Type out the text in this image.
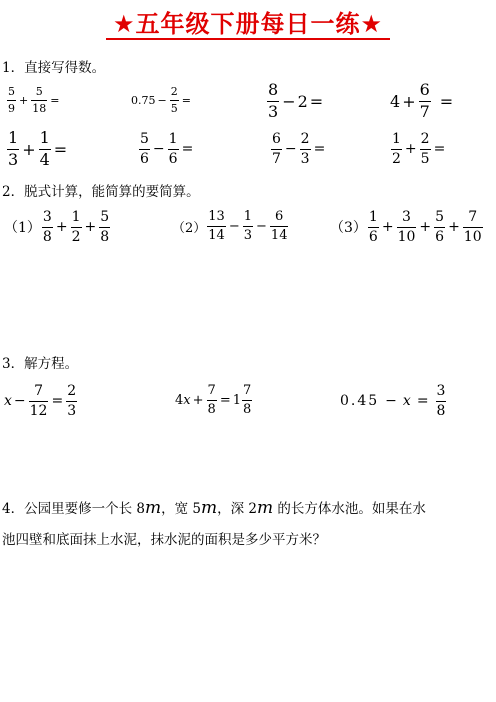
★五年级下册每日一练★
1．直接写得数。
$\frac{5}{9} + \frac{5}{18}$ =	$0.75 - \frac{2}{5}$ =	$\frac{8}{3} - 2$ =	$4 + \frac{6}{7}$ =
$\frac{1}{3} + \frac{1}{4}$ =	$\frac{5}{6} - \frac{1}{6}$ =	$\frac{6}{7} - \frac{2}{3}$ =	$\frac{1}{2} + \frac{2}{5}$ =
2．脱式计算，能简算的要简算。
$(1) \frac{3}{8} + \frac{1}{2} + \frac{5}{8}$	$(2) \frac{13}{14} - \frac{1}{3} - \frac{6}{14}$	$(3) \frac{1}{6} + \frac{3}{10} + \frac{5}{6} + \frac{7}{10}$
3．解方程。
$x - \frac{7}{12} = \frac{2}{3}$	4 $x + \frac{7}{8} = 1 \frac{7}{8}$	$0.45 - x = \frac{3}{8}$
4．公园里要修一个长 8m，宽 5m，深 2m 的长方体水池。如果在水
池四壁和底面抹上水泥，抹水泥的面积是多少平方米？
